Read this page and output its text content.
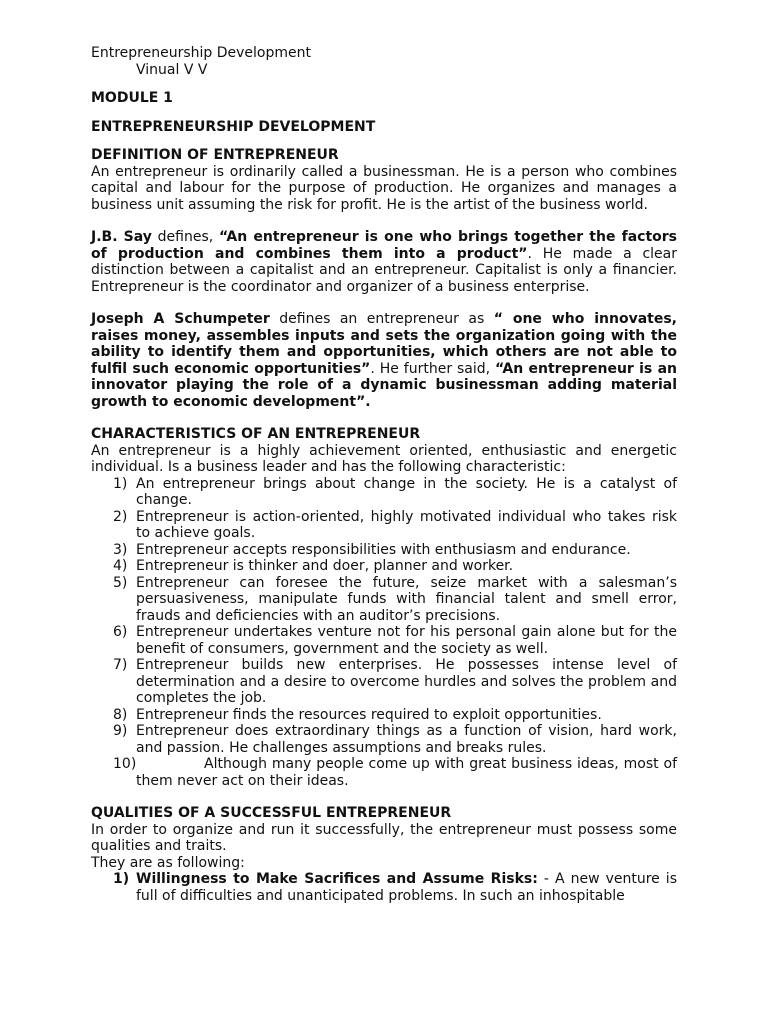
Entrepreneurship Development

Vinual V V

MODULE 1

ENTREPRENEURSHIP DEVELOPMENT

DEFINITION OF ENTREPRENEUR

An entrepreneur is ordinarily called a businessman. He is a person who combines capital and labour for the purpose of production. He organizes and manages a business unit assuming the risk for profit. He is the artist of the business world.

J.B. Say defines, “An entrepreneur is one who brings together the factors of production and combines them into a product”. He made a clear distinction between a capitalist and an entrepreneur. Capitalist is only a financier. Entrepreneur is the coordinator and organizer of a business enterprise.

Joseph A Schumpeter defines an entrepreneur as “ one who innovates, raises money, assembles inputs and sets the organization going with the ability to identify them and opportunities, which others are not able to fulfil such economic opportunities”. He further said, “An entrepreneur is an innovator playing the role of a dynamic businessman adding material growth to economic development”.

CHARACTERISTICS OF AN ENTREPRENEUR

An entrepreneur is a highly achievement oriented, enthusiastic and energetic individual. Is a business leader and has the following characteristic:

1) An entrepreneur brings about change in the society. He is a catalyst of change.
2) Entrepreneur is action-oriented, highly motivated individual who takes risk to achieve goals.
3) Entrepreneur accepts responsibilities with enthusiasm and endurance.
4) Entrepreneur is thinker and doer, planner and worker.
5) Entrepreneur can foresee the future, seize market with a salesman’s persuasiveness, manipulate funds with financial talent and smell error, frauds and deficiencies with an auditor’s precisions.
6) Entrepreneur undertakes venture not for his personal gain alone but for the benefit of consumers, government and the society as well.
7) Entrepreneur builds new enterprises. He possesses intense level of determination and a desire to overcome hurdles and solves the problem and completes the job.
8) Entrepreneur finds the resources required to exploit opportunities.
9) Entrepreneur does extraordinary things as a function of vision, hard work, and passion. He challenges assumptions and breaks rules.
10)	Although many people come up with great business ideas, most of them never act on their ideas.

QUALITIES OF A SUCCESSFUL ENTREPRENEUR

In order to organize and run it successfully, the entrepreneur must possess some qualities and traits.

They are as following:

1) Willingness to Make Sacrifices and Assume Risks: - A new venture is full of difficulties and unanticipated problems. In such an inhospitable
